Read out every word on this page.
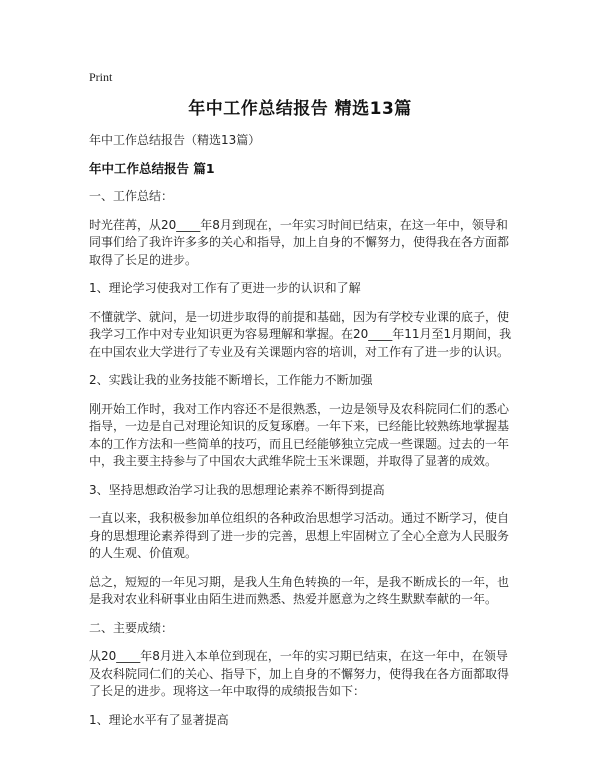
Print
年中工作总结报告 精选13篇

年中工作总结报告（精选13篇）

年中工作总结报告 篇1

一、工作总结：

时光荏苒，从20____年8月到现在，一年实习时间已结束，在这一年中，领导和同事们给了我许许多多的关心和指导，加上自身的不懈努力，使得我在各方面都取得了长足的进步。

1、理论学习使我对工作有了更进一步的认识和了解

不懂就学、就问，是一切进步取得的前提和基础，因为有学校专业课的底子，使我学习工作中对专业知识更为容易理解和掌握。在20____年11月至1月期间，我在中国农业大学进行了专业及有关课题内容的培训，对工作有了进一步的认识。

2、实践让我的业务技能不断增长，工作能力不断加强

刚开始工作时，我对工作内容还不是很熟悉，一边是领导及农科院同仁们的悉心指导，一边是自己对理论知识的反复琢磨。一年下来，已经能比较熟练地掌握基本的工作方法和一些简单的技巧，而且已经能够独立完成一些课题。过去的一年中，我主要主持参与了中国农大武维华院士玉米课题，并取得了显著的成效。

3、坚持思想政治学习让我的思想理论素养不断得到提高

一直以来，我积极参加单位组织的各种政治思想学习活动。通过不断学习，使自身的思想理论素养得到了进一步的完善，思想上牢固树立了全心全意为人民服务的人生观、价值观。

总之，短短的一年见习期，是我人生角色转换的一年，是我不断成长的一年，也是我对农业科研事业由陌生进而熟悉、热爱并愿意为之终生默默奉献的一年。

二、主要成绩：

从20____年8月进入本单位到现在，一年的实习期已结束，在这一年中，在领导及农科院同仁们的关心、指导下，加上自身的不懈努力，使得我在各方面都取得了长足的进步。现将这一年中取得的成绩报告如下：

1、理论水平有了显著提高
